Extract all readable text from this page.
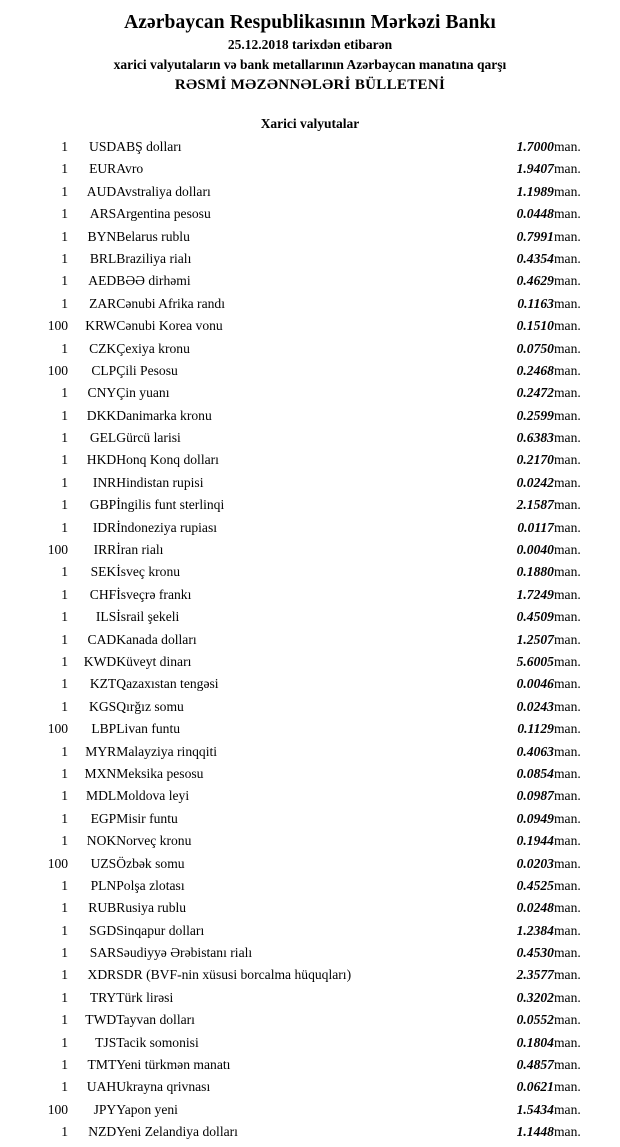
Azərbaycan Respublikasının Mərkəzi Bankı
25.12.2018 tarixdən etibarən
xarici valyutaların və bank metallarının Azərbaycan manatına qarşı
RƏSMİ MƏZƏNNƏLƏRİ BÜLLETENİ
Xarici valyutalar
1	USD	ABŞ dolları	1.7000	man.
1	EUR	Avro	1.9407	man.
1	AUD	Avstraliya dolları	1.1989	man.
1	ARS	Argentina pesosu	0.0448	man.
1	BYN	Belarus rublu	0.7991	man.
1	BRL	Braziliya rialı	0.4354	man.
1	AED	BƏƏ dirhəmi	0.4629	man.
1	ZAR	Cənubi Afrika randı	0.1163	man.
100	KRW	Cənubi Korea vonu	0.1510	man.
1	CZK	Çexiya kronu	0.0750	man.
100	CLP	Çili Pesosu	0.2468	man.
1	CNY	Çin yuanı	0.2472	man.
1	DKK	Danimarka kronu	0.2599	man.
1	GEL	Gürcü larisi	0.6383	man.
1	HKD	Honq Konq dolları	0.2170	man.
1	INR	Hindistan rupisi	0.0242	man.
1	GBP	İngilis funt sterlinqi	2.1587	man.
1	IDR	İndoneziya rupiası	0.0117	man.
100	IRR	İran rialı	0.0040	man.
1	SEK	İsveç kronu	0.1880	man.
1	CHF	İsveçrə frankı	1.7249	man.
1	ILS	İsrail şekeli	0.4509	man.
1	CAD	Kanada dolları	1.2507	man.
1	KWD	Küveyt dinarı	5.6005	man.
1	KZT	Qazaxıstan tengəsi	0.0046	man.
1	KGS	Qırğız somu	0.0243	man.
100	LBP	Livan funtu	0.1129	man.
1	MYR	Malayziya rinqqiti	0.4063	man.
1	MXN	Meksika pesosu	0.0854	man.
1	MDL	Moldova leyi	0.0987	man.
1	EGP	Misir funtu	0.0949	man.
1	NOK	Norveç kronu	0.1944	man.
100	UZS	Özbək somu	0.0203	man.
1	PLN	Polşa zlotası	0.4525	man.
1	RUB	Rusiya rublu	0.0248	man.
1	SGD	Sinqapur dolları	1.2384	man.
1	SAR	Səudiyyə Ərəbistanı rialı	0.4530	man.
1	XDR	SDR (BVF-nin xüsusi borcalma hüquqları)	2.3577	man.
1	TRY	Türk lirəsi	0.3202	man.
1	TWD	Tayvan dolları	0.0552	man.
1	TJS	Tacik somonisi	0.1804	man.
1	TMT	Yeni türkmən manatı	0.4857	man.
1	UAH	Ukrayna qrivnası	0.0621	man.
100	JPY	Yapon yeni	1.5434	man.
1	NZD	Yeni Zelandiya dolları	1.1448	man.
